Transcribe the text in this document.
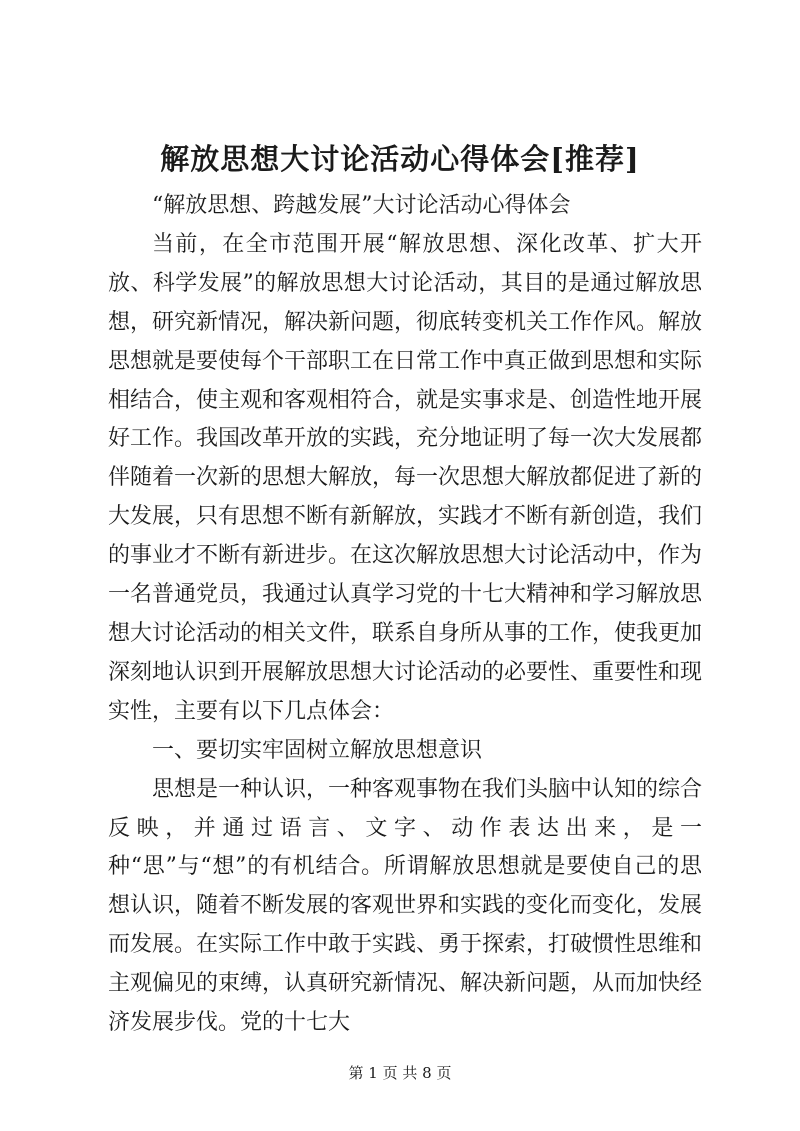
解放思想大讨论活动心得体会[推荐]

“解放思想、跨越发展”大讨论活动心得体会

当前，在全市范围开展“解放思想、深化改革、扩大开放、科学发展”的解放思想大讨论活动，其目的是通过解放思想，研究新情况，解决新问题，彻底转变机关工作作风。解放思想就是要使每个干部职工在日常工作中真正做到思想和实际相结合，使主观和客观相符合，就是实事求是、创造性地开展好工作。我国改革开放的实践，充分地证明了每一次大发展都伴随着一次新的思想大解放，每一次思想大解放都促进了新的大发展，只有思想不断有新解放，实践才不断有新创造，我们的事业才不断有新进步。在这次解放思想大讨论活动中，作为一名普通党员，我通过认真学习党的十七大精神和学习解放思想大讨论活动的相关文件，联系自身所从事的工作，使我更加深刻地认识到开展解放思想大讨论活动的必要性、重要性和现实性，主要有以下几点体会：

一、要切实牢固树立解放思想意识

思想是一种认识，一种客观事物在我们头脑中认知的综合反映，并通过语言、文字、动作表达出来，是一种“思”与“想”的有机结合。所谓解放思想就是要使自己的思想认识，随着不断发展的客观世界和实践的变化而变化，发展而发展。在实际工作中敢于实践、勇于探索，打破惯性思维和主观偏见的束缚，认真研究新情况、解决新问题，从而加快经济发展步伐。党的十七大

第 1 页 共 8 页
